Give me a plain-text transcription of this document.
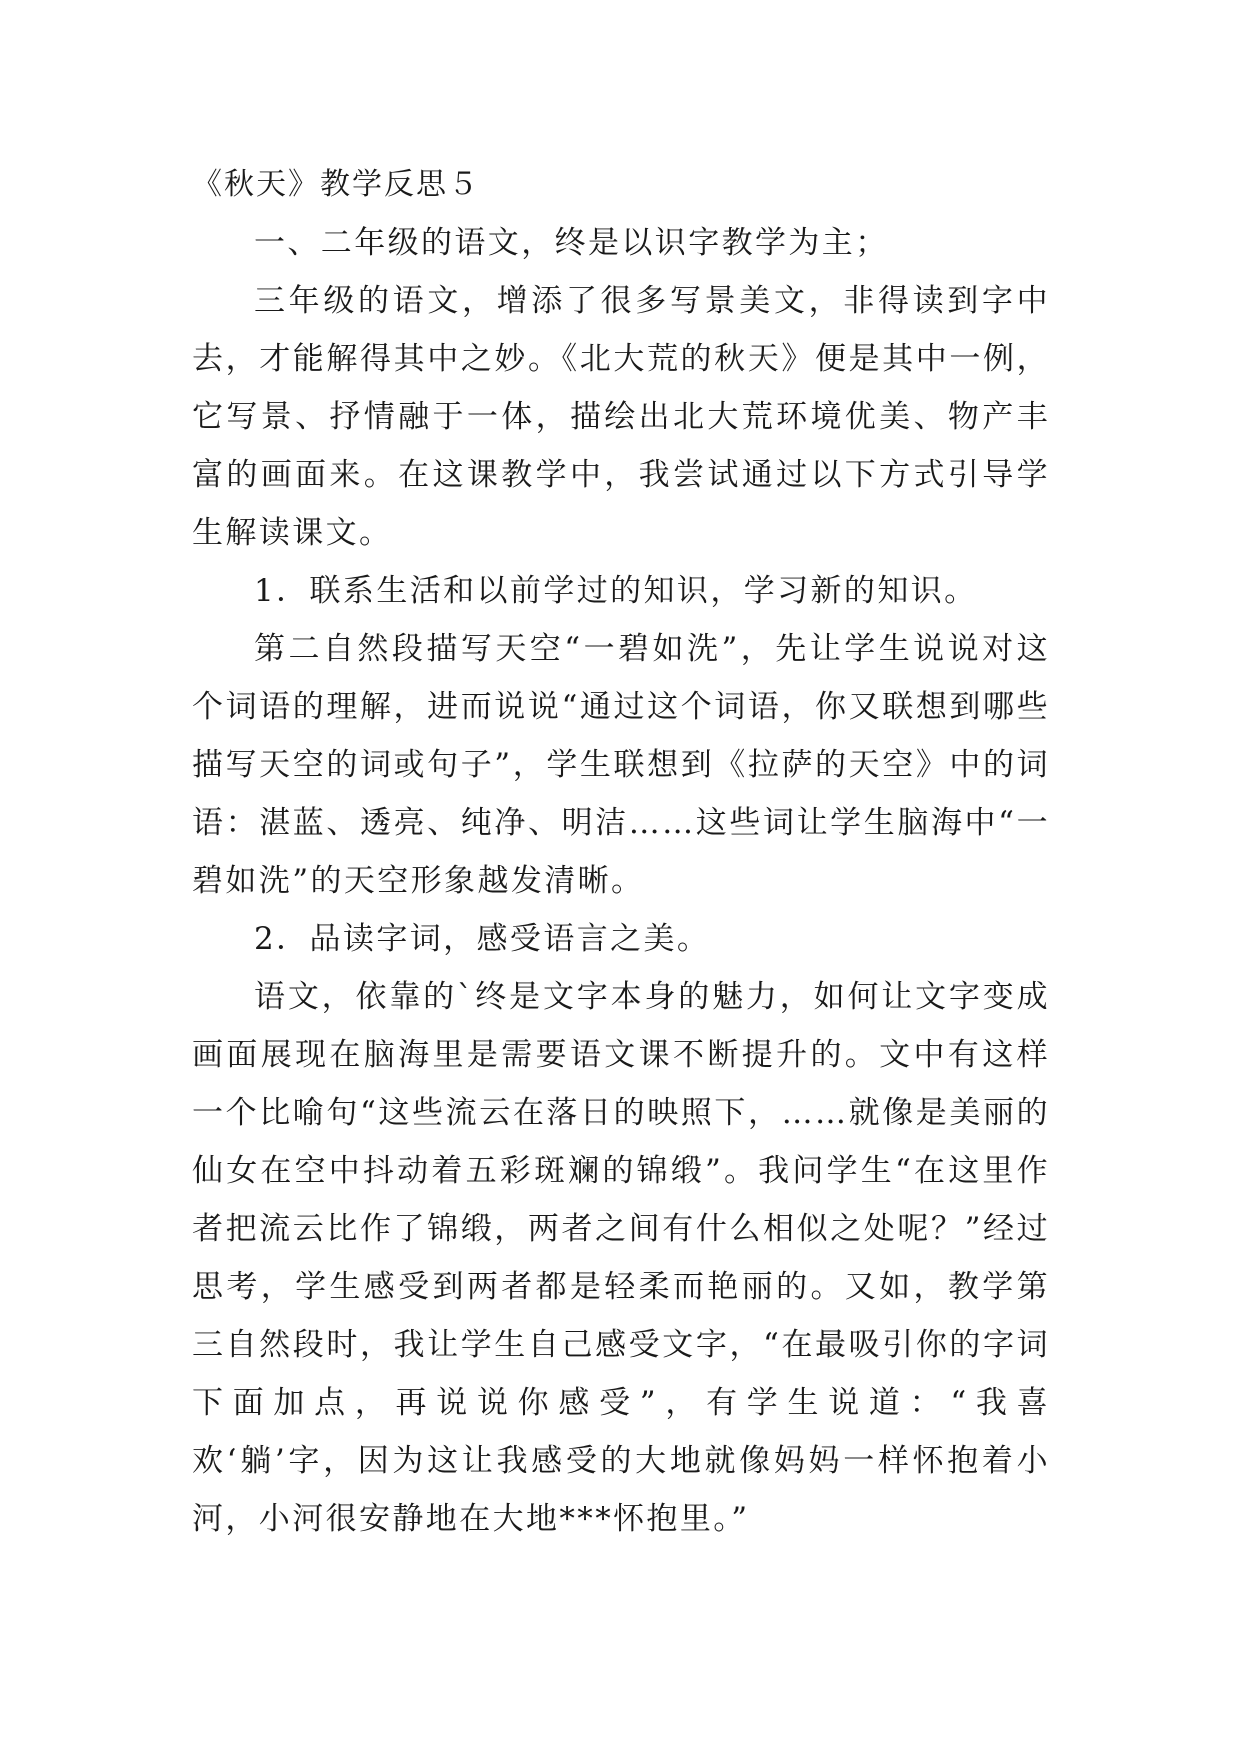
《秋天》教学反思５

一、二年级的语文，终是以识字教学为主；

三年级的语文，增添了很多写景美文，非得读到字中去，才能解得其中之妙。《北大荒的秋天》便是其中一例，它写景、抒情融于一体，描绘出北大荒环境优美、物产丰富的画面来。在这课教学中，我尝试通过以下方式引导学生解读课文。

1．联系生活和以前学过的知识，学习新的知识。

第二自然段描写天空“一碧如洗”，先让学生说说对这个词语的理解，进而说说“通过这个词语，你又联想到哪些描写天空的词或句子”，学生联想到《拉萨的天空》中的词语：湛蓝、透亮、纯净、明洁……这些词让学生脑海中“一碧如洗”的天空形象越发清晰。

2．品读字词，感受语言之美。

语文，依靠的`终是文字本身的魅力，如何让文字变成画面展现在脑海里是需要语文课不断提升的。文中有这样一个比喻句“这些流云在落日的映照下，……就像是美丽的仙女在空中抖动着五彩斑斓的锦缎”。我问学生“在这里作者把流云比作了锦缎，两者之间有什么相似之处呢？”经过思考，学生感受到两者都是轻柔而艳丽的。又如，教学第三自然段时，我让学生自己感受文字，“在最吸引你的字词下面加点，再说说你感受”，有学生说道：“我喜欢‘躺’字，因为这让我感受的大地就像妈妈一样怀抱着小河，小河很安静地在大地***怀抱里。”
